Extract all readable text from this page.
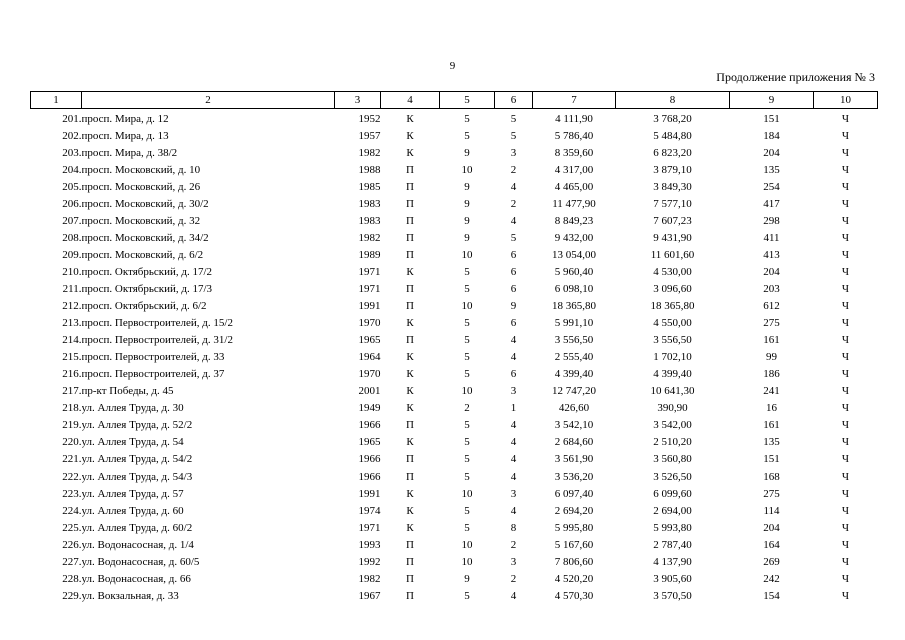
9
Продолжение приложения № 3
1	2	3	4	5	6	7	8	9	10
201.	просп. Мира, д. 12	1952	К	5	5	4 111,90	3 768,20	151	Ч
202.	просп. Мира, д. 13	1957	К	5	5	5 786,40	5 484,80	184	Ч
203.	просп. Мира, д. 38/2	1982	К	9	3	8 359,60	6 823,20	204	Ч
204.	просп. Московский, д. 10	1988	П	10	2	4 317,00	3 879,10	135	Ч
205.	просп. Московский, д. 26	1985	П	9	4	4 465,00	3 849,30	254	Ч
206.	просп. Московский, д. 30/2	1983	П	9	2	11 477,90	7 577,10	417	Ч
207.	просп. Московский, д. 32	1983	П	9	4	8 849,23	7 607,23	298	Ч
208.	просп. Московский, д. 34/2	1982	П	9	5	9 432,00	9 431,90	411	Ч
209.	просп. Московский, д. 6/2	1989	П	10	6	13 054,00	11 601,60	413	Ч
210.	просп. Октябрьский, д. 17/2	1971	К	5	6	5 960,40	4 530,00	204	Ч
211.	просп. Октябрьский, д. 17/3	1971	П	5	6	6 098,10	3 096,60	203	Ч
212.	просп. Октябрьский, д. 6/2	1991	П	10	9	18 365,80	18 365,80	612	Ч
213.	просп. Первостроителей, д. 15/2	1970	К	5	6	5 991,10	4 550,00	275	Ч
214.	просп. Первостроителей, д. 31/2	1965	П	5	4	3 556,50	3 556,50	161	Ч
215.	просп. Первостроителей, д. 33	1964	К	5	4	2 555,40	1 702,10	99	Ч
216.	просп. Первостроителей, д. 37	1970	К	5	6	4 399,40	4 399,40	186	Ч
217.	пр-кт Победы, д. 45	2001	К	10	3	12 747,20	10 641,30	241	Ч
218.	ул. Аллея Труда, д. 30	1949	К	2	1	426,60	390,90	16	Ч
219.	ул. Аллея Труда, д. 52/2	1966	П	5	4	3 542,10	3 542,00	161	Ч
220.	ул. Аллея Труда, д. 54	1965	К	5	4	2 684,60	2 510,20	135	Ч
221.	ул. Аллея Труда, д. 54/2	1966	П	5	4	3 561,90	3 560,80	151	Ч
222.	ул. Аллея Труда, д. 54/3	1966	П	5	4	3 536,20	3 526,50	168	Ч
223.	ул. Аллея Труда, д. 57	1991	К	10	3	6 097,40	6 099,60	275	Ч
224.	ул. Аллея Труда, д. 60	1974	К	5	4	2 694,20	2 694,00	114	Ч
225.	ул. Аллея Труда, д. 60/2	1971	К	5	8	5 995,80	5 993,80	204	Ч
226.	ул. Водонасосная, д. 1/4	1993	П	10	2	5 167,60	2 787,40	164	Ч
227.	ул. Водонасосная, д. 60/5	1992	П	10	3	7 806,60	4 137,90	269	Ч
228.	ул. Водонасосная, д. 66	1982	П	9	2	4 520,20	3 905,60	242	Ч
229.	ул. Вокзальная, д. 33	1967	П	5	4	4 570,30	3 570,50	154	Ч
